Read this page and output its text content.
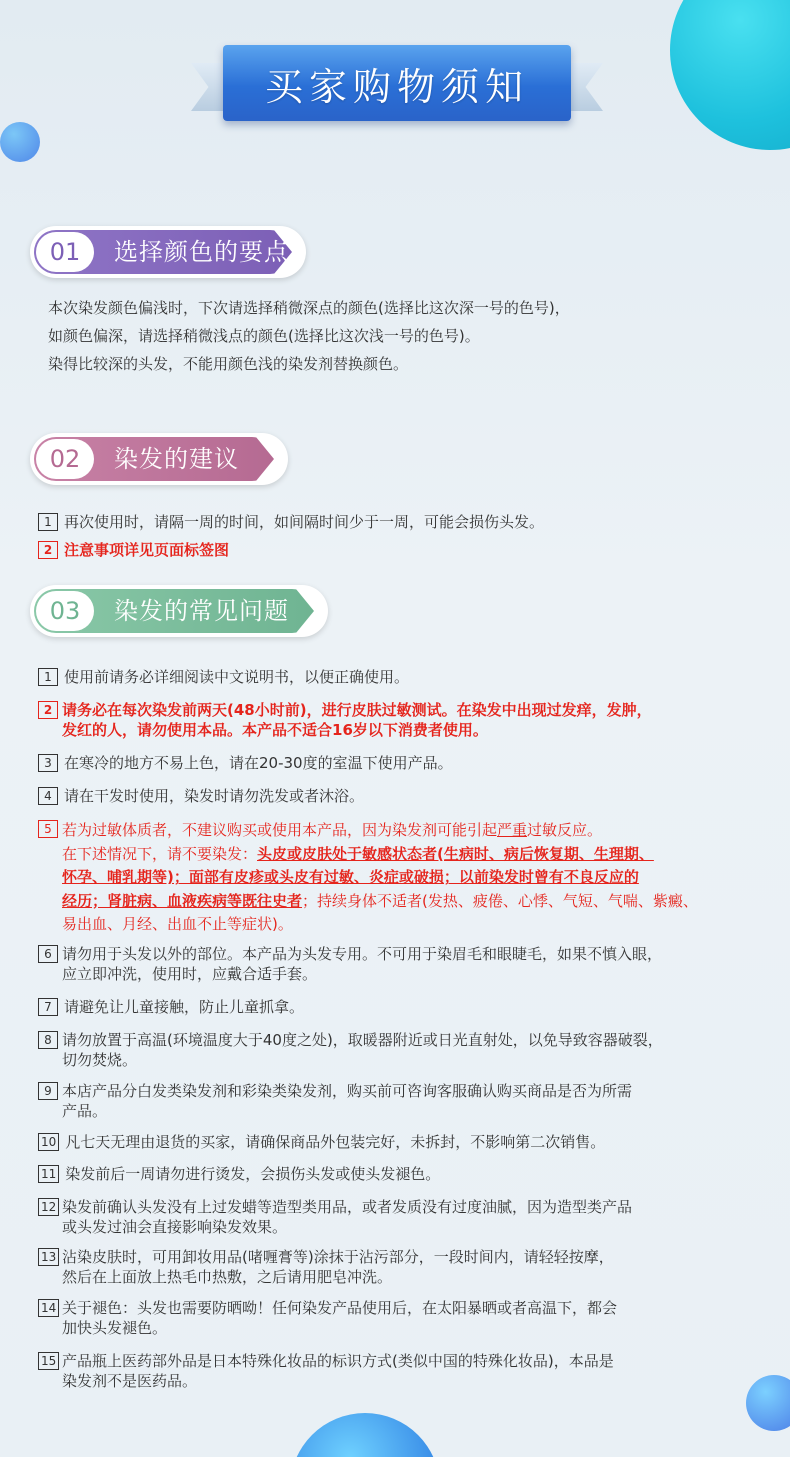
买家购物须知
01	选择颜色的要点
本次染发颜色偏浅时，下次请选择稍微深点的颜色(选择比这次深一号的色号)，
如颜色偏深，请选择稍微浅点的颜色(选择比这次浅一号的色号)。
染得比较深的头发，不能用颜色浅的染发剂替换颜色。
02	染发的建议
1 再次使用时，请隔一周的时间，如间隔时间少于一周，可能会损伤头发。
2 注意事项详见页面标签图
03	染发的常见问题
1 使用前请务必详细阅读中文说明书，以便正确使用。
2 请务必在每次染发前两天(48小时前)，进行皮肤过敏测试。在染发中出现过发痒，发肿，
发红的人，请勿使用本品。本产品不适合16岁以下消费者使用。
3 在寒冷的地方不易上色，请在20-30度的室温下使用产品。
4 请在干发时使用，染发时请勿洗发或者沐浴。
5 若为过敏体质者，不建议购买或使用本产品，因为染发剂可能引起严重过敏反应。
在下述情况下，请不要染发：头皮或皮肤处于敏感状态者(生病时、病后恢复期、生理期、
怀孕、哺乳期等)；面部有皮疹或头皮有过敏、炎症或破损；以前染发时曾有不良反应的
经历；肾脏病、血液疾病等既往史者；持续身体不适者(发热、疲倦、心悸、气短、气喘、紫癜、
易出血、月经、出血不止等症状)。
6 请勿用于头发以外的部位。本产品为头发专用。不可用于染眉毛和眼睫毛，如果不慎入眼，
应立即冲洗，使用时，应戴合适手套。
7 请避免让儿童接触，防止儿童抓拿。
8 请勿放置于高温(环境温度大于40度之处)，取暖器附近或日光直射处，以免导致容器破裂，
切勿焚烧。
9 本店产品分白发类染发剂和彩染类染发剂，购买前可咨询客服确认购买商品是否为所需
产品。
10 凡七天无理由退货的买家，请确保商品外包装完好，未拆封，不影响第二次销售。
11 染发前后一周请勿进行烫发，会损伤头发或使头发褪色。
12 染发前确认头发没有上过发蜡等造型类用品，或者发质没有过度油腻，因为造型类产品
或头发过油会直接影响染发效果。
13 沾染皮肤时，可用卸妆用品(啫喱膏等)涂抹于沾污部分，一段时间内，请轻轻按摩，
然后在上面放上热毛巾热敷，之后请用肥皂冲洗。
14 关于褪色：头发也需要防晒呦！任何染发产品使用后，在太阳暴晒或者高温下，都会
加快头发褪色。
15 产品瓶上医药部外品是日本特殊化妆品的标识方式(类似中国的特殊化妆品)，本品是
染发剂不是医药品。
